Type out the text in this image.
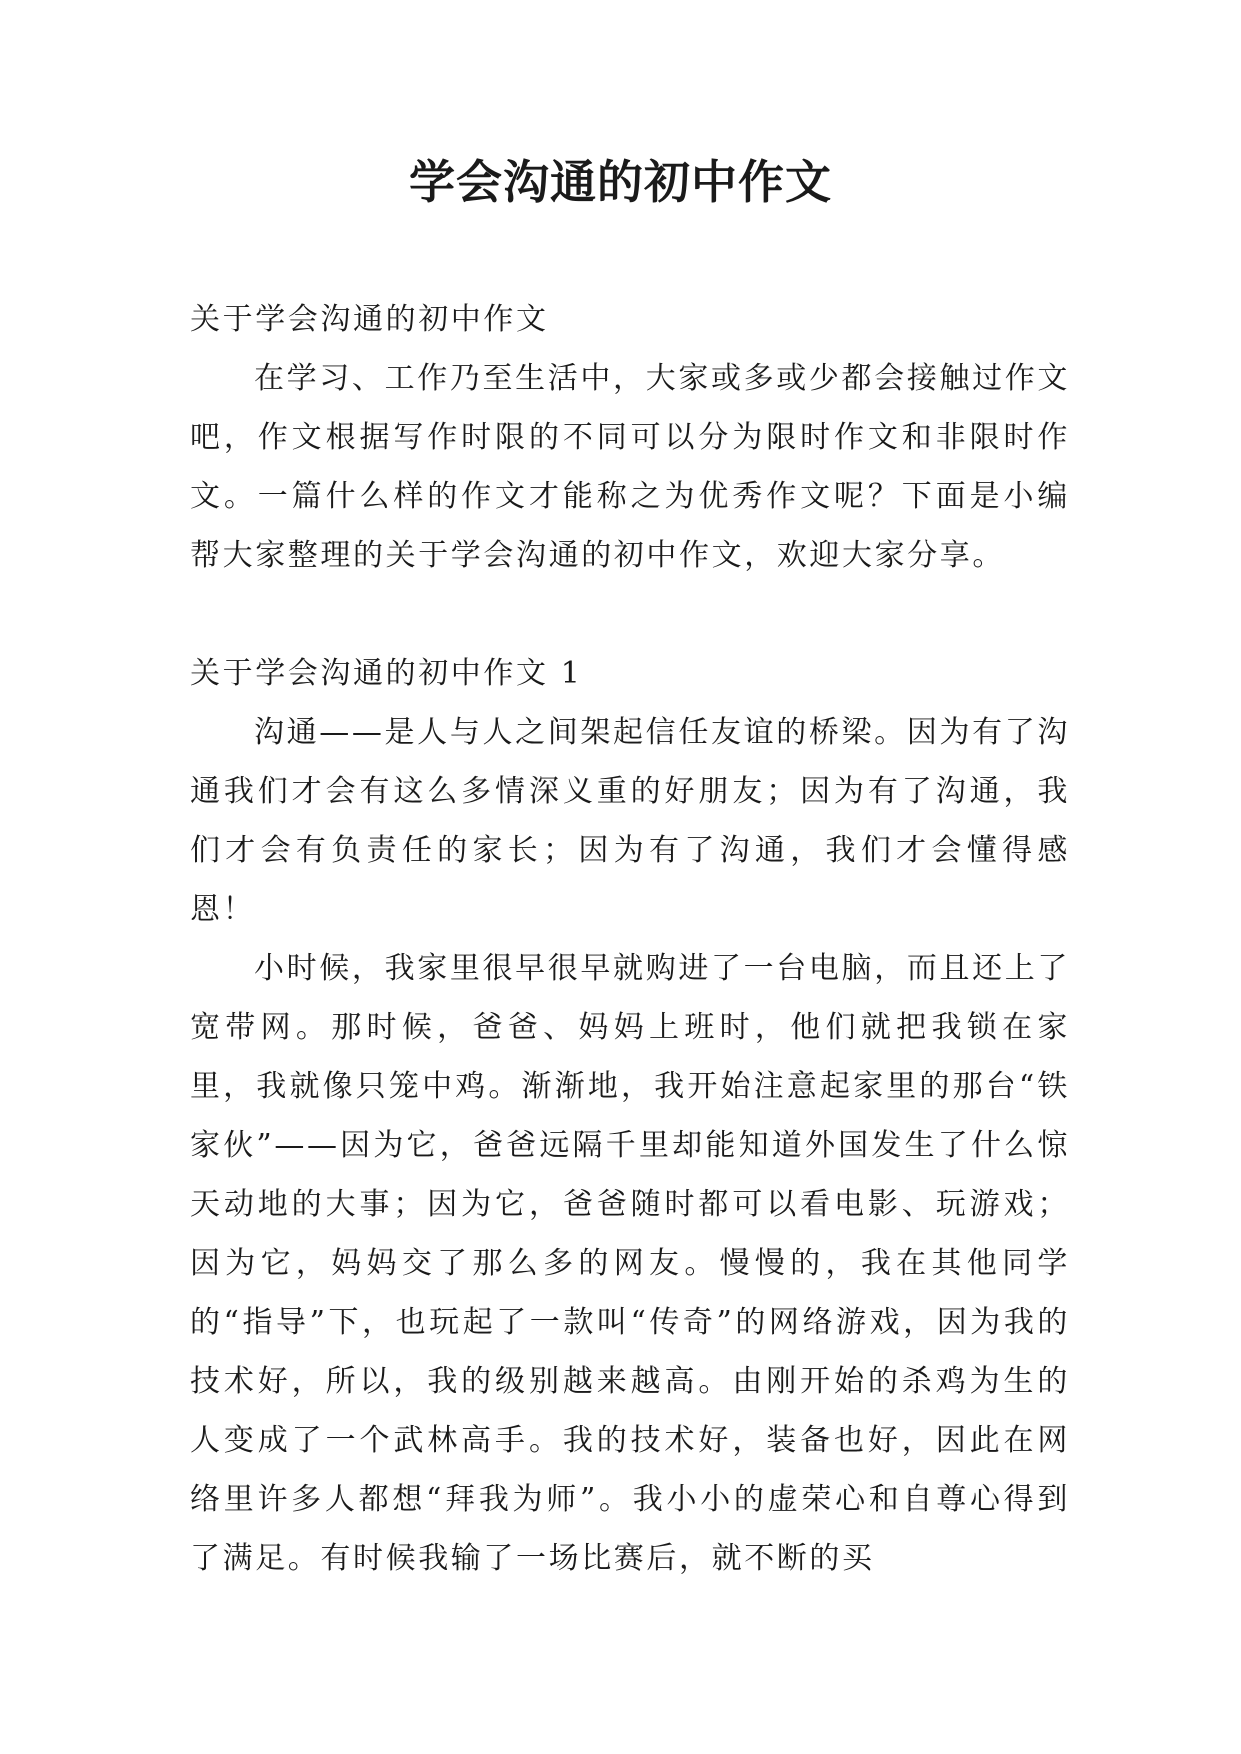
学会沟通的初中作文
关于学会沟通的初中作文

在学习、工作乃至生活中，大家或多或少都会接触过作文吧，作文根据写作时限的不同可以分为限时作文和非限时作文。一篇什么样的作文才能称之为优秀作文呢？下面是小编帮大家整理的关于学会沟通的初中作文，欢迎大家分享。

关于学会沟通的初中作文 1

沟通——是人与人之间架起信任友谊的桥梁。因为有了沟通我们才会有这么多情深义重的好朋友；因为有了沟通，我们才会有负责任的家长；因为有了沟通，我们才会懂得感恩！

小时候，我家里很早很早就购进了一台电脑，而且还上了宽带网。那时候，爸爸、妈妈上班时，他们就把我锁在家里，我就像只笼中鸡。渐渐地，我开始注意起家里的那台“铁家伙”——因为它，爸爸远隔千里却能知道外国发生了什么惊天动地的大事；因为它，爸爸随时都可以看电影、玩游戏；因为它，妈妈交了那么多的网友。慢慢的，我在其他同学的“指导”下，也玩起了一款叫“传奇”的网络游戏，因为我的技术好，所以，我的级别越来越高。由刚开始的杀鸡为生的人变成了一个武林高手。我的技术好，装备也好，因此在网络里许多人都想“拜我为师”。我小小的虚荣心和自尊心得到了满足。有时候我输了一场比赛后，就不断的买
